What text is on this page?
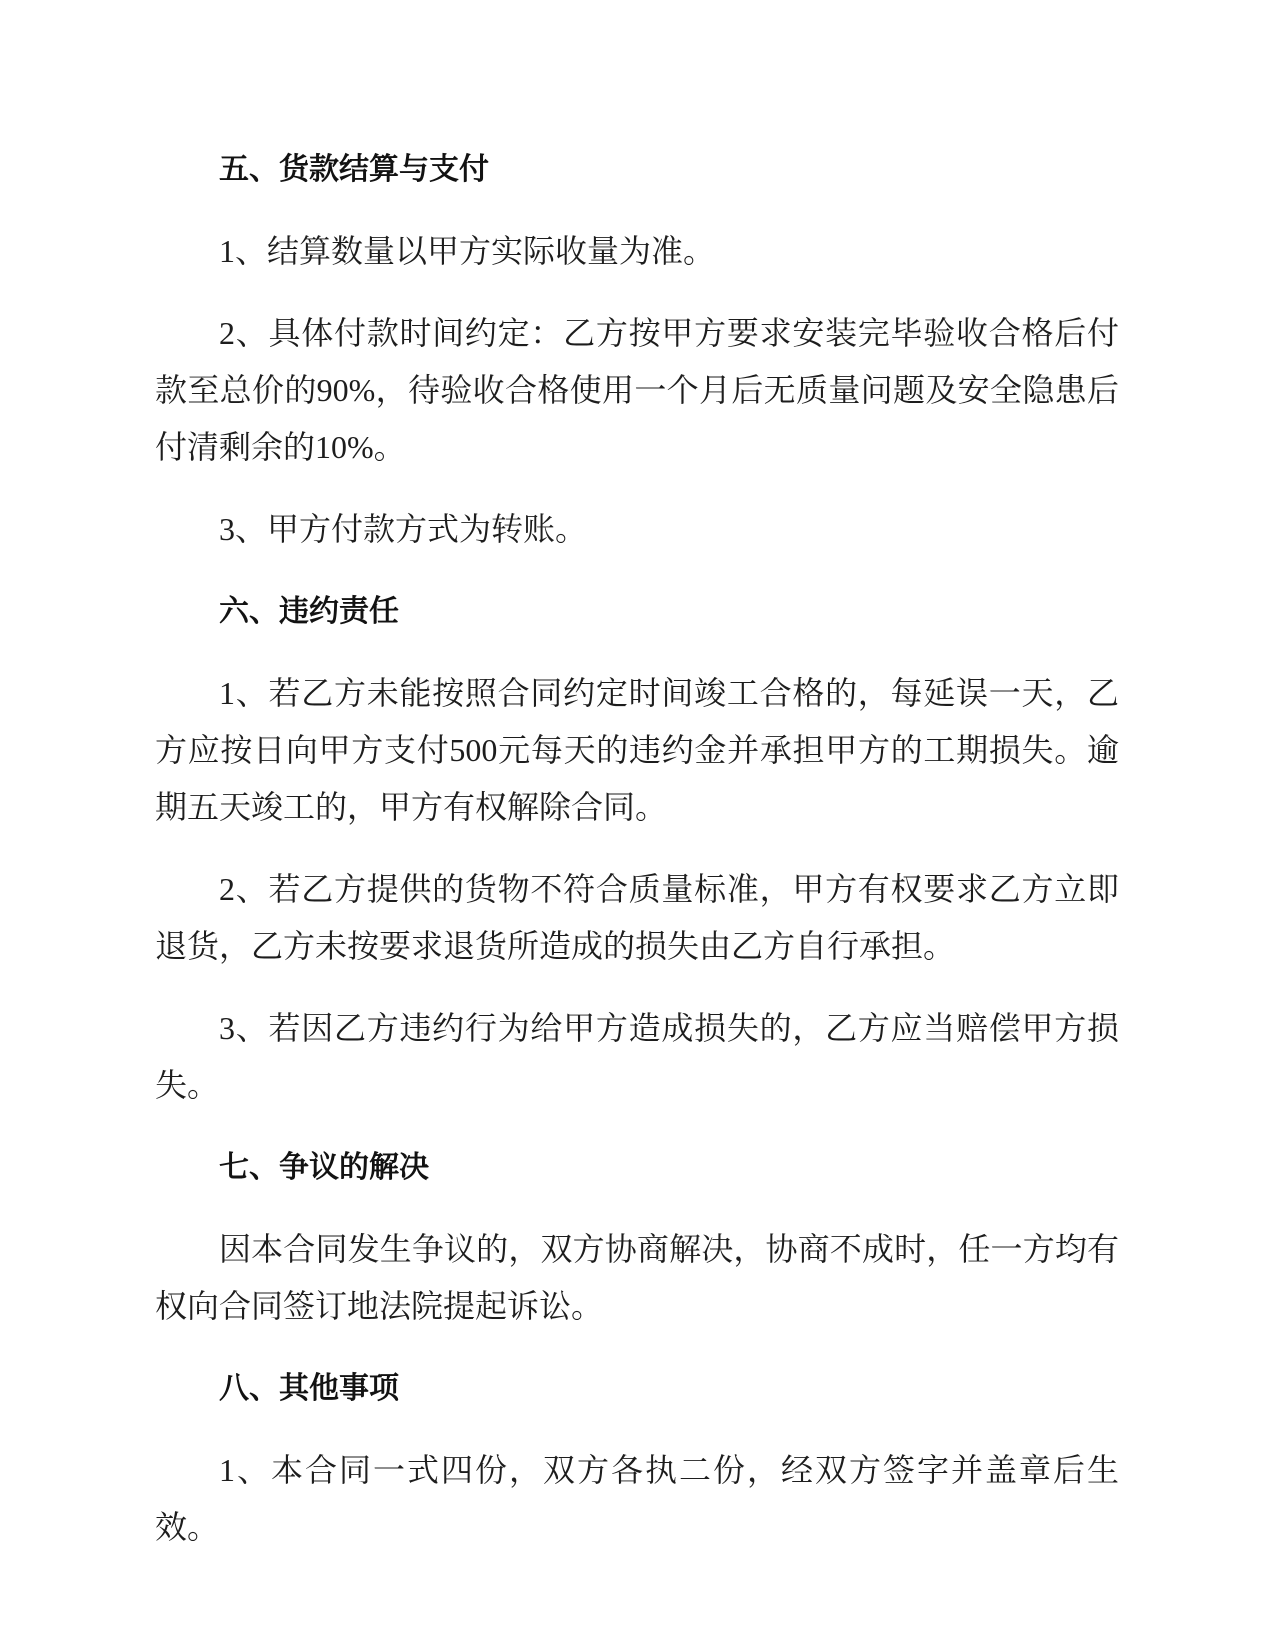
五、货款结算与支付
1、结算数量以甲方实际收量为准。
2、具体付款时间约定：乙方按甲方要求安装完毕验收合格后付款至总价的90%，待验收合格使用一个月后无质量问题及安全隐患后付清剩余的10%。
3、甲方付款方式为转账。
六、违约责任
1、若乙方未能按照合同约定时间竣工合格的，每延误一天，乙方应按日向甲方支付500元每天的违约金并承担甲方的工期损失。逾期五天竣工的，甲方有权解除合同。
2、若乙方提供的货物不符合质量标准，甲方有权要求乙方立即退货，乙方未按要求退货所造成的损失由乙方自行承担。
3、若因乙方违约行为给甲方造成损失的，乙方应当赔偿甲方损失。
七、争议的解决
因本合同发生争议的，双方协商解决，协商不成时，任一方均有权向合同签订地法院提起诉讼。
八、其他事项
1、本合同一式四份，双方各执二份，经双方签字并盖章后生效。
